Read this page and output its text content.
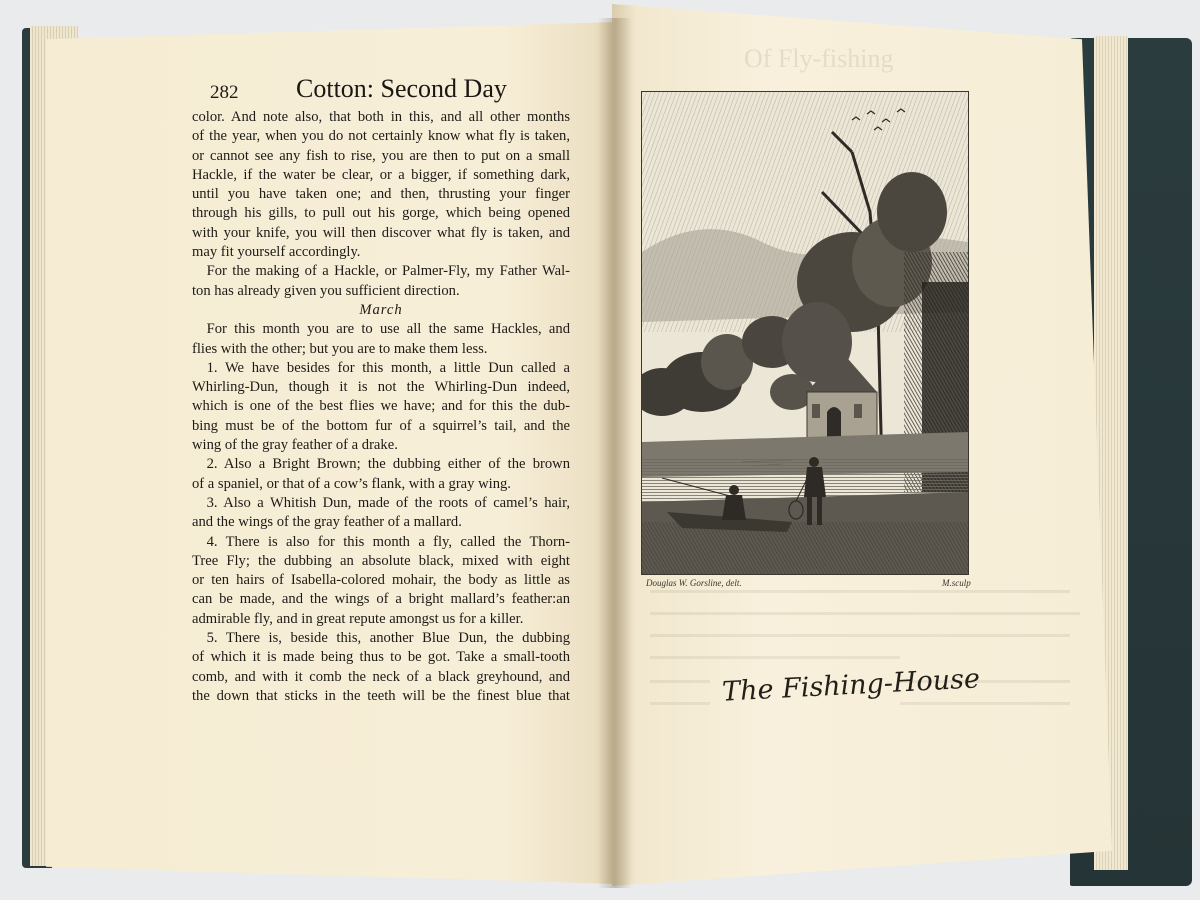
282 Cotton: Second Day
color. And note also, that both in this, and all other months
of the year, when you do not certainly know what fly is taken,
or cannot see any fish to rise, you are then to put on a small
Hackle, if the water be clear, or a bigger, if something dark,
until you have taken one; and then, thrusting your finger
through his gills, to pull out his gorge, which being opened
with your knife, you will then discover what fly is taken, and
may fit yourself accordingly.
 For the making of a Hackle, or Palmer-Fly, my Father Wal-
ton has already given you sufficient direction.
March
 For this month you are to use all the same Hackles, and
flies with the other; but you are to make them less.
 1. We have besides for this month, a little Dun called a
Whirling-Dun, though it is not the Whirling-Dun indeed,
which is one of the best flies we have; and for this the dub-
bing must be of the bottom fur of a squirrel’s tail, and the
wing of the gray feather of a drake.
 2. Also a Bright Brown; the dubbing either of the brown
of a spaniel, or that of a cow’s flank, with a gray wing.
 3. Also a Whitish Dun, made of the roots of camel’s hair,
and the wings of the gray feather of a mallard.
 4. There is also for this month a fly, called the Thorn-
Tree Fly; the dubbing an absolute black, mixed with eight
or ten hairs of Isabella-colored mohair, the body as little as
can be made, and the wings of a bright mallard’s feather:an
admirable fly, and in great repute amongst us for a killer.
 5. There is, beside this, another Blue Dun, the dubbing
of which it is made being thus to be got. Take a small-tooth
comb, and with it comb the neck of a black greyhound, and
the down that sticks in the teeth will be the finest blue that
Of Fly-fishing
Douglas W. Gorsline, delt.	M.sculp
The Fishing-House
